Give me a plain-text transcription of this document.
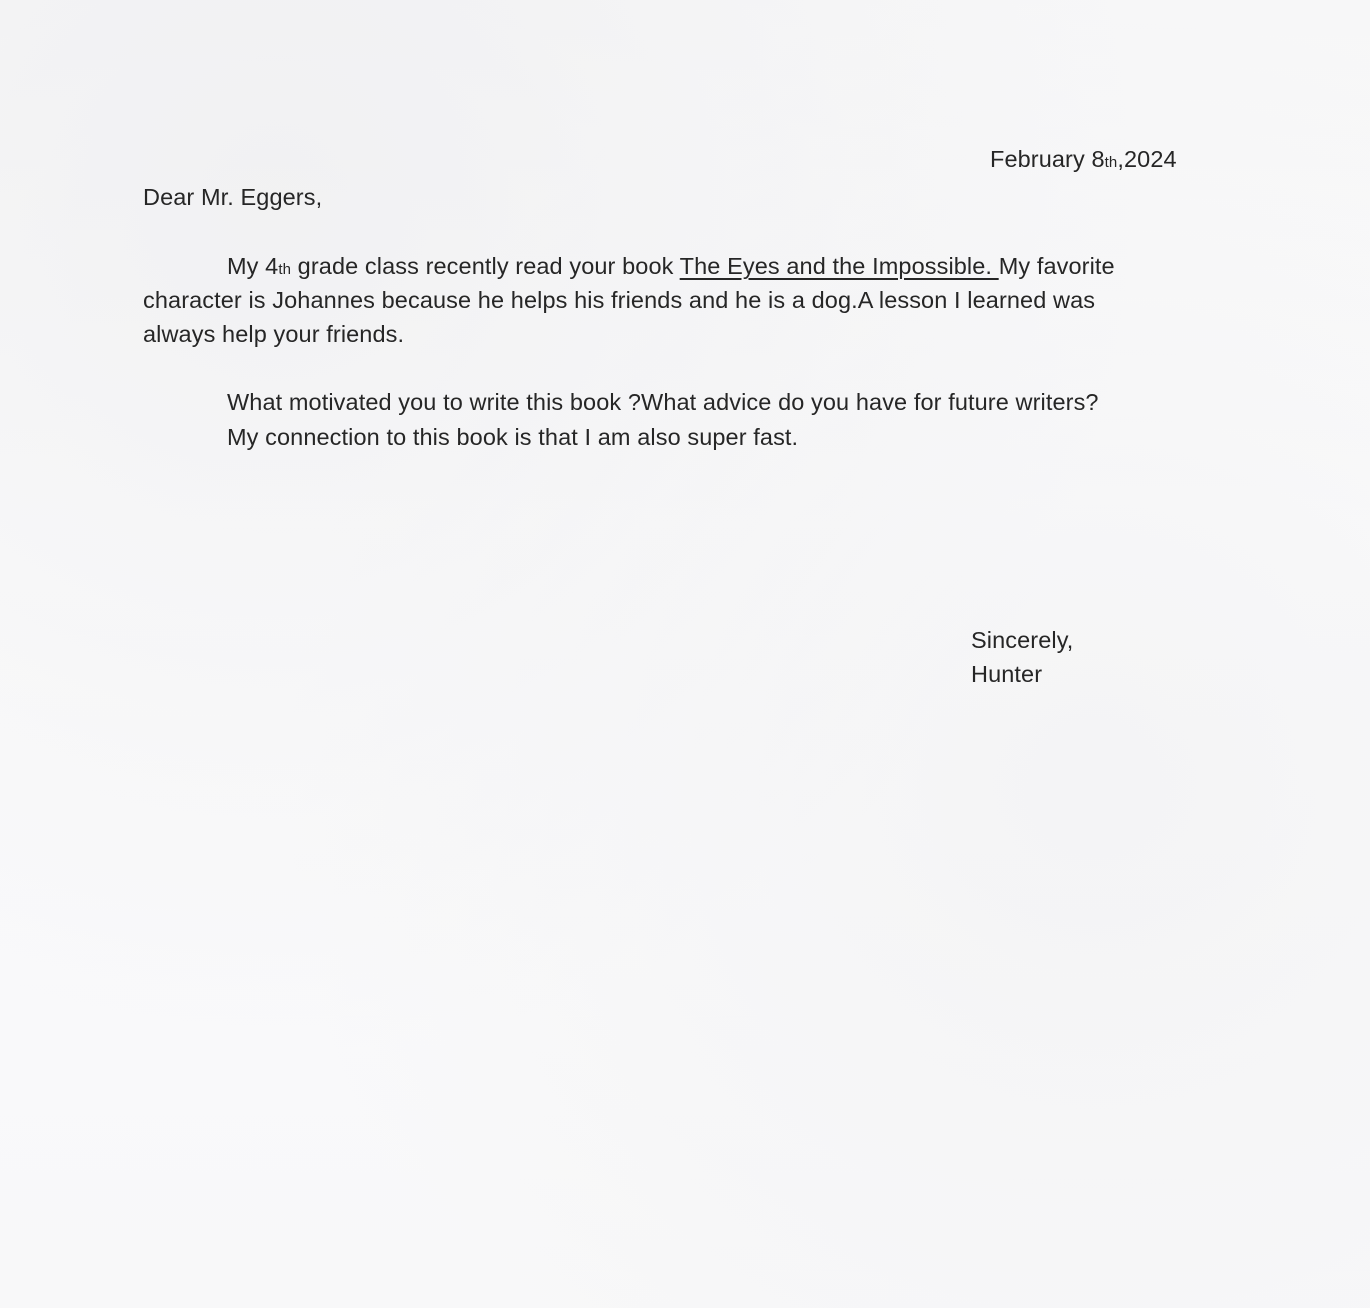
February 8th,2024
Dear Mr. Eggers,
My 4th grade class recently read your book The Eyes and the Impossible. My favorite
character is Johannes because he helps his friends and he is a dog.A lesson I learned was
always help your friends.
What motivated you to write this book ?What advice do you have for future writers?
My connection to this book is that I am also super fast.
Sincerely,
Hunter
